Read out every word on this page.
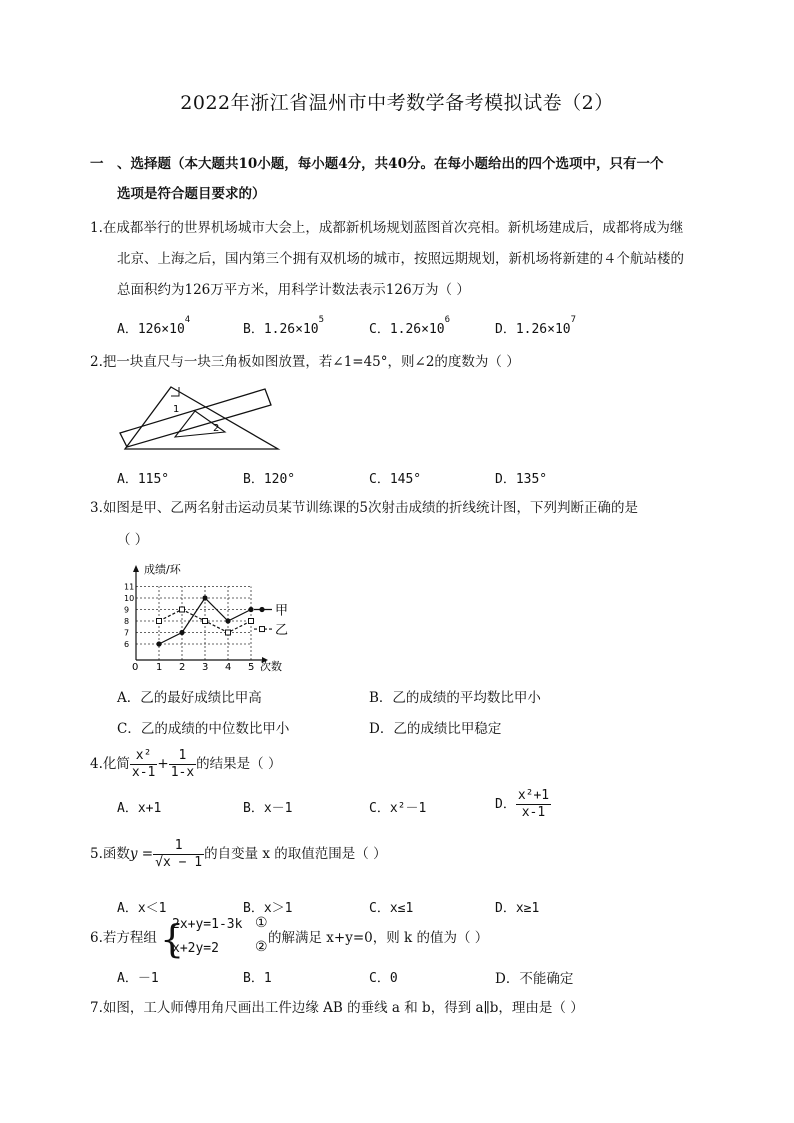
2022年浙江省温州市中考数学备考模拟试卷（2）
一 、选择题（本大题共10小题，每小题4分，共40分。在每小题给出的四个选项中，只有一个
选项是符合题目要求的）
1.在成都举行的世界机场城市大会上，成都新机场规划蓝图首次亮相。新机场建成后，成都将成为继
北京、上海之后，国内第三个拥有双机场的城市，按照远期规划，新机场将新建的４个航站楼的
总面积约为126万平方米，用科学计数法表示126万为（ ）
A．$126\times 10^4$
B．$1.26\times 10^5$
C．$1.26\times 10^6$
D．$1.26\times 10^7$
2.把一块直尺与一块三角板如图放置，若∠1=45°，则∠2的度数为（ ）
1
2
A．115°	B．120°	C．145°	D．135°
3.如图是甲、乙两名射击运动员某节训练课的5次射击成绩的折线统计图，下列判断正确的是
（ ）
成绩/环
次数
6
7
8
9
10
11
0 1 2 3 4 5
甲
乙
A．乙的最好成绩比甲高	B．乙的成绩的平均数比甲小
C．乙的成绩的中位数比甲小	D．乙的成绩比甲稳定
4.化简 $\frac{\text{x²}}{x-1} + \frac{1}{1-x}$ 的结果是（ ）
A．x+1	B．x－1	C．x²－1	D． $\frac{\text{x²+1}}{x-1}$
5.函数$y = \frac{1}{√x - 1}$ 的自变量 x 的取值范围是（ ）
A．x＜1	B．x＞1	C．x≤1	D．x≥1
6.若方程组 {
2x+y=1-3k ①
x+2y=2	②
的解满足 x+y=0，则 k 的值为（ ）
A．－1	B．1	C．0	D．不能确定
7.如图，工人师傅用角尺画出工件边缘 AB 的垂线 a 和 b，得到 a∥b，理由是（ ）
